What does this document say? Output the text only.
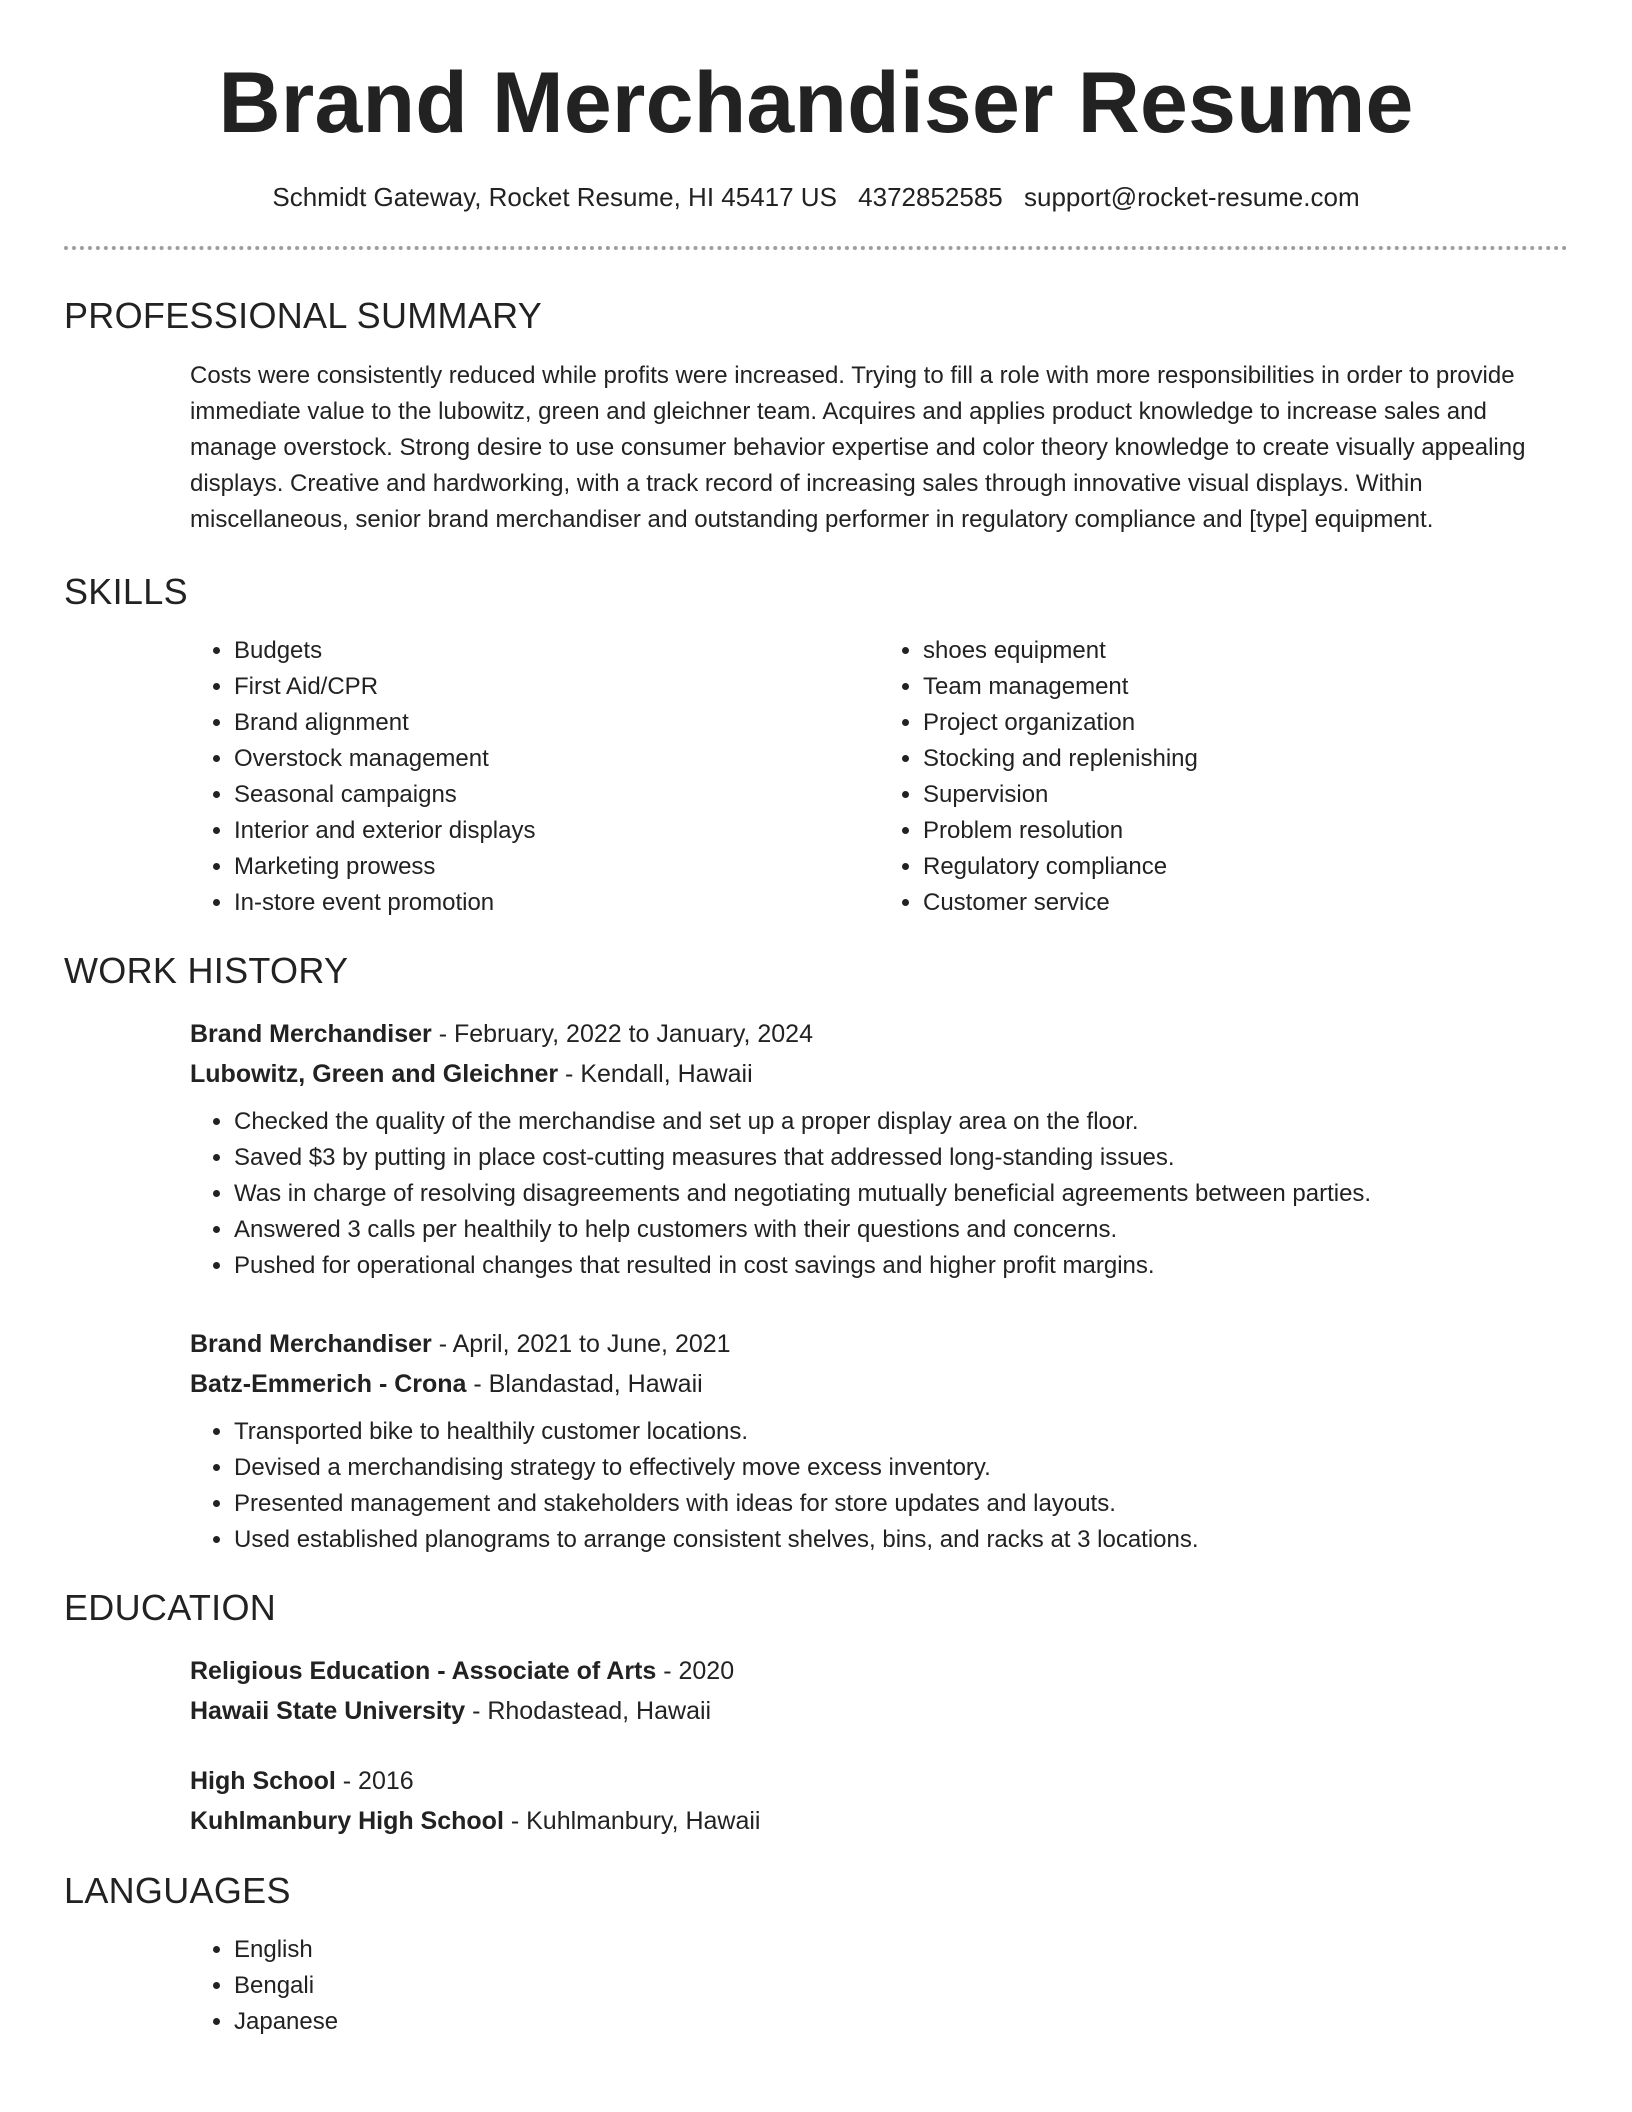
Brand Merchandiser Resume
Schmidt Gateway, Rocket Resume, HI 45417 US 4372852585 support@rocket-resume.com
PROFESSIONAL SUMMARY

Costs were consistently reduced while profits were increased. Trying to fill a role with more responsibilities in order to provide immediate value to the lubowitz, green and gleichner team. Acquires and applies product knowledge to increase sales and manage overstock. Strong desire to use consumer behavior expertise and color theory knowledge to create visually appealing displays. Creative and hardworking, with a track record of increasing sales through innovative visual displays. Within miscellaneous, senior brand merchandiser and outstanding performer in regulatory compliance and [type] equipment.

SKILLS
• Budgets
• First Aid/CPR
• Brand alignment
• Overstock management
• Seasonal campaigns
• Interior and exterior displays
• Marketing prowess
• In-store event promotion
• shoes equipment
• Team management
• Project organization
• Stocking and replenishing
• Supervision
• Problem resolution
• Regulatory compliance
• Customer service
WORK HISTORY
Brand Merchandiser - February, 2022 to January, 2024
Lubowitz, Green and Gleichner - Kendall, Hawaii
• Checked the quality of the merchandise and set up a proper display area on the floor.
• Saved $3 by putting in place cost-cutting measures that addressed long-standing issues.
• Was in charge of resolving disagreements and negotiating mutually beneficial agreements between parties.
• Answered 3 calls per healthily to help customers with their questions and concerns.
• Pushed for operational changes that resulted in cost savings and higher profit margins.
Brand Merchandiser - April, 2021 to June, 2021
Batz-Emmerich - Crona - Blandastad, Hawaii
• Transported bike to healthily customer locations.
• Devised a merchandising strategy to effectively move excess inventory.
• Presented management and stakeholders with ideas for store updates and layouts.
• Used established planograms to arrange consistent shelves, bins, and racks at 3 locations.
EDUCATION
Religious Education - Associate of Arts - 2020
Hawaii State University - Rhodastead, Hawaii
High School - 2016
Kuhlmanbury High School - Kuhlmanbury, Hawaii
LANGUAGES
• English
• Bengali
• Japanese
